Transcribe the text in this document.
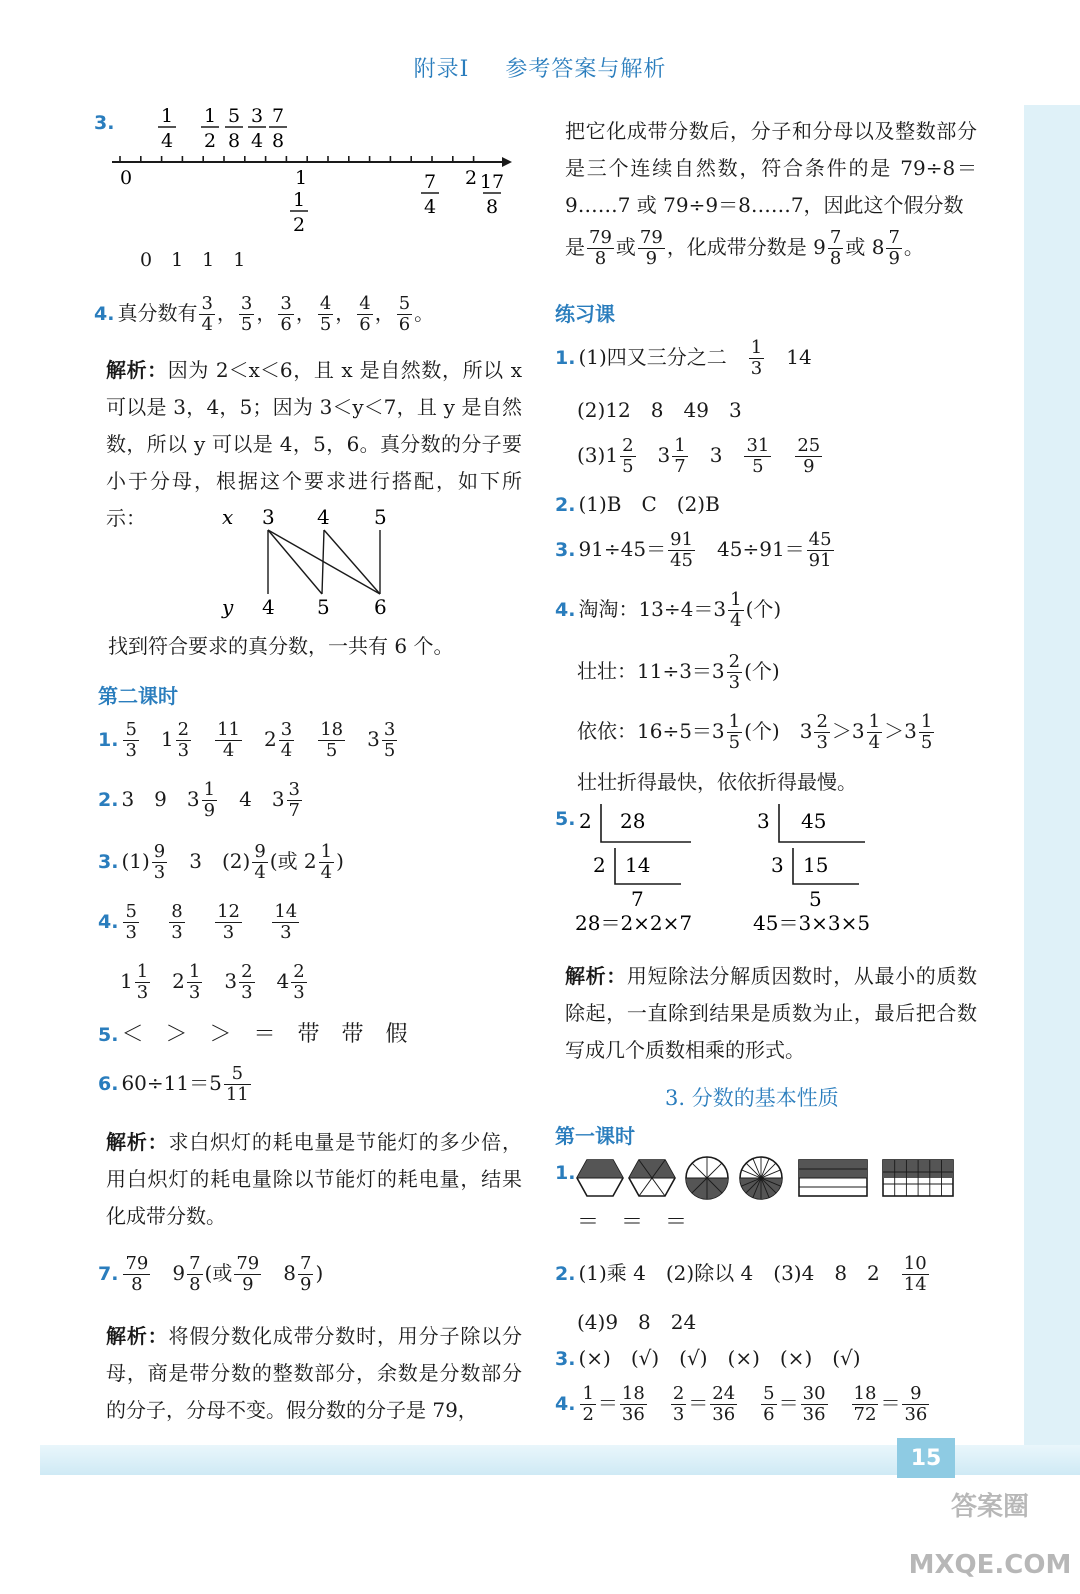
15
答案圈 MXQE.COM
附录Ⅰ 参考答案与解析
3. 1
4
1
2
5
8
3
4
7
8
0	1	2
1
2
7
4
17
8
0　1　1　1
4. 真分数有 $\frac{3}{4}$ ， $\frac{3}{5}$ ， $\frac{3}{6}$ ， $\frac{4}{5}$ ， $\frac{4}{6}$ ， $\frac{5}{6}$ 。
解析：因为 2＜x＜6，且 x 是自然数，所以 x 可以是 3，4，5；因为 3＜y＜7，且 y 是自然数，所以 y 可以是 4，5，6。真分数的分子要小于分母，根据这个要求进行搭配，如下所示：	x
y
3 4 5
4 5 6
找到符合要求的真分数，一共有 6 个。
第二课时
1. $\frac{5}{3}$ 　$1 \frac{2}{3}$
　 $\frac{11}{4}$ 　$2 \frac{3}{4}$
　 $\frac{18}{5}$ 　$3 \frac{3}{5}$
2. 3　9　$3 \frac{1}{9}$
　 4　$3 \frac{3}{7}$
3. $(1) \frac{9}{3}$
　 3　$(2) \frac{9}{4}$ (或 $2 \frac{1}{4}$ )
4. $\frac{5}{3}$
　 $\frac{8}{3}$
　 $\frac{12}{3}$
　 $\frac{14}{3}$
$1 \frac{1}{3}$ 　$2 \frac{1}{3}$ 　$3 \frac{2}{3}$ 　$4 \frac{2}{3}$
5. ＜　＞　＞　＝　带　带　假
6. $60\div 11=5 \frac{5}{11}$
解析：求白炽灯的耗电量是节能灯的多少倍，用白炽灯的耗电量除以节能灯的耗电量，结果化成带分数。
7. $\frac{79}{8}$
　 $9 \frac{7}{8}$ (或 $\frac{79}{9}$
　 $8 \frac{7}{9}$ )
解析：将假分数化成带分数时，用分子除以分母，商是带分数的整数部分，余数是分数部分的分子，分母不变。假分数的分子是 79，
把它化成带分数后，分子和分母以及整数部分是三个连续自然数，符合条件的是 79÷8＝9……7 或 79÷9＝8……7，因此这个假分数
是 $\frac{79}{8}$ 或 $\frac{79}{9}$ ，化成带分数是 $9 \frac{7}{8}$ 或 $8 \frac{7}{9}$ 。
练习课
1. (1)四又三分之二　 $\frac{1}{3}$
　 14
(2)12　8　49　3
$(3)1 \frac{2}{5}$
　 $3 \frac{1}{7}$
　 3　 $\frac{31}{5}$
　 $\frac{25}{9}$
2. (1)B　C　(2)B
3. $91\div 45= \frac{91}{45}$
　 $45\div 91= \frac{45}{91}$
4. 淘淘：$13\div 4=3 \frac{1}{4}$ (个)
壮壮：$11\div 3=3 \frac{2}{3}$ (个)
依依：$16\div 5=3 \frac{1}{5}$ (个)　$3 \frac{2}{3} >3 \frac{1}{4} >3 \frac{1}{5}$
壮壮折得最快，依依折得最慢。
5. 2 28
2 14
7
3 45
3 15
5
28＝2×2×7	45＝3×3×5
解析：用短除法分解质因数时，从最小的质数除起，一直除到结果是质数为止，最后把合数写成几个质数相乘的形式。
3. 分数的基本性质
第一课时
1.
＝　＝　＝
2. (1)乘 4　(2)除以 4　(3)4　8　2　 $\frac{10}{14}$
(4)9　8　24
3. (×)　(√)　(√)　(×)　(×)　(√)
4. $\frac{1}{2} = \frac{18}{36}$
　 $\frac{2}{3} = \frac{24}{36}$
　 $\frac{5}{6} = \frac{30}{36}$
　 $\frac{18}{72} = \frac{9}{36}$
